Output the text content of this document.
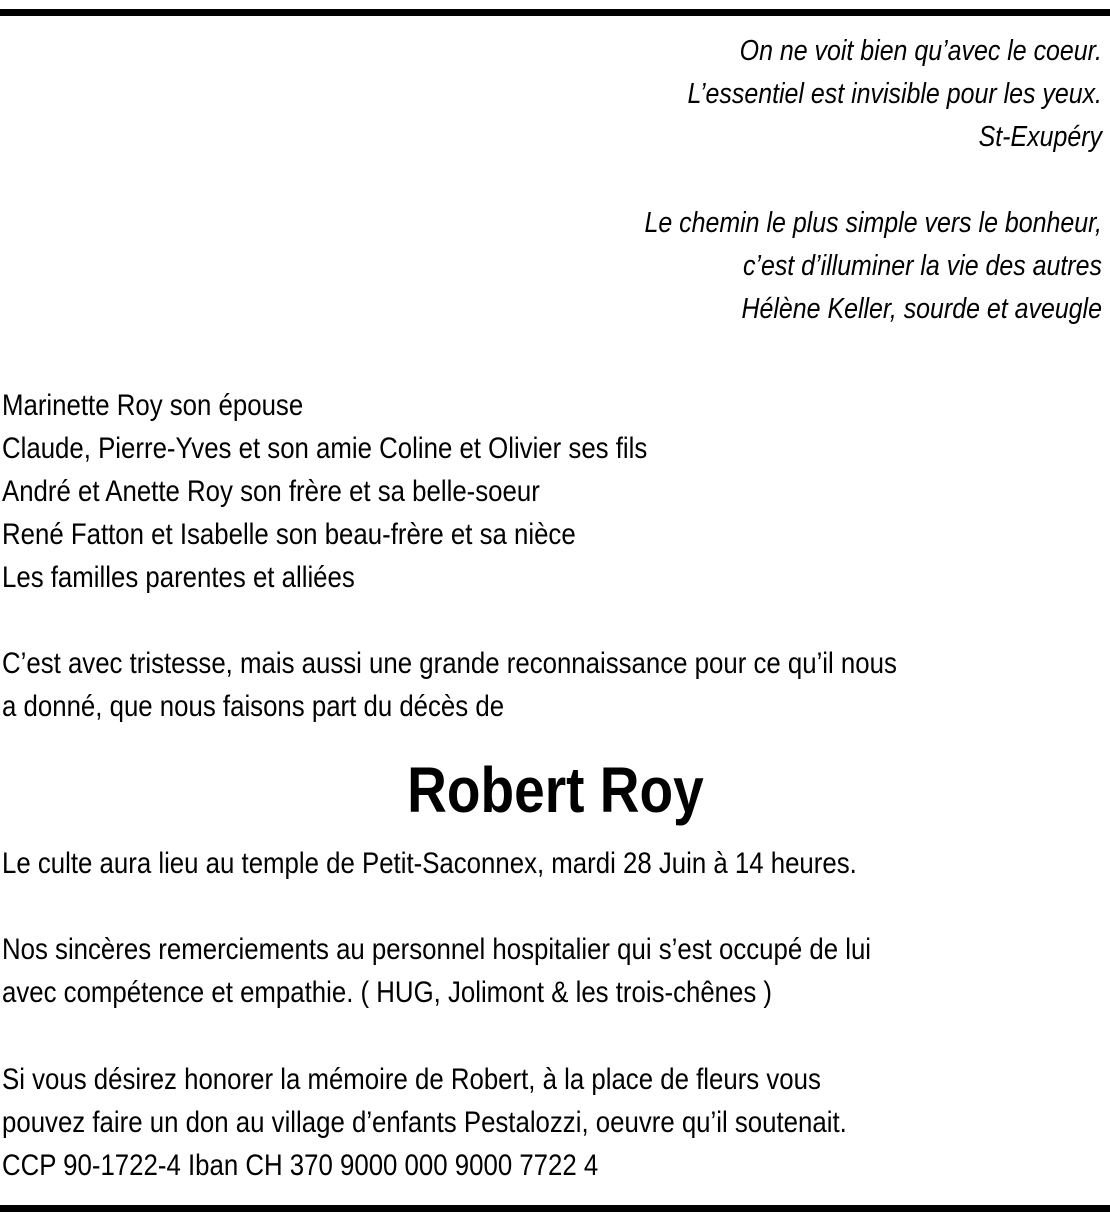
On ne voit bien qu’avec le coeur.
L’essentiel est invisible pour les yeux.
St-Exupéry
Le chemin le plus simple vers le bonheur,
c’est d’illuminer la vie des autres
Hélène Keller, sourde et aveugle
Marinette Roy son épouse
Claude, Pierre-Yves et son amie Coline et Olivier ses fils
André et Anette Roy son frère et sa belle-soeur
René Fatton et Isabelle son beau-frère et sa nièce
Les familles parentes et alliées
C’est avec tristesse, mais aussi une grande reconnaissance pour ce qu’il nous
a donné, que nous faisons part du décès de
Robert Roy
Le culte aura lieu au temple de Petit-Saconnex, mardi 28 Juin à 14 heures.
Nos sincères remerciements au personnel hospitalier qui s’est occupé de lui
avec compétence et empathie. ( HUG, Jolimont & les trois-chênes )
Si vous désirez honorer la mémoire de Robert, à la place de fleurs vous
pouvez faire un don au village d’enfants Pestalozzi, oeuvre qu’il soutenait.
CCP 90-1722-4 Iban CH 370 9000 000 9000 7722 4
